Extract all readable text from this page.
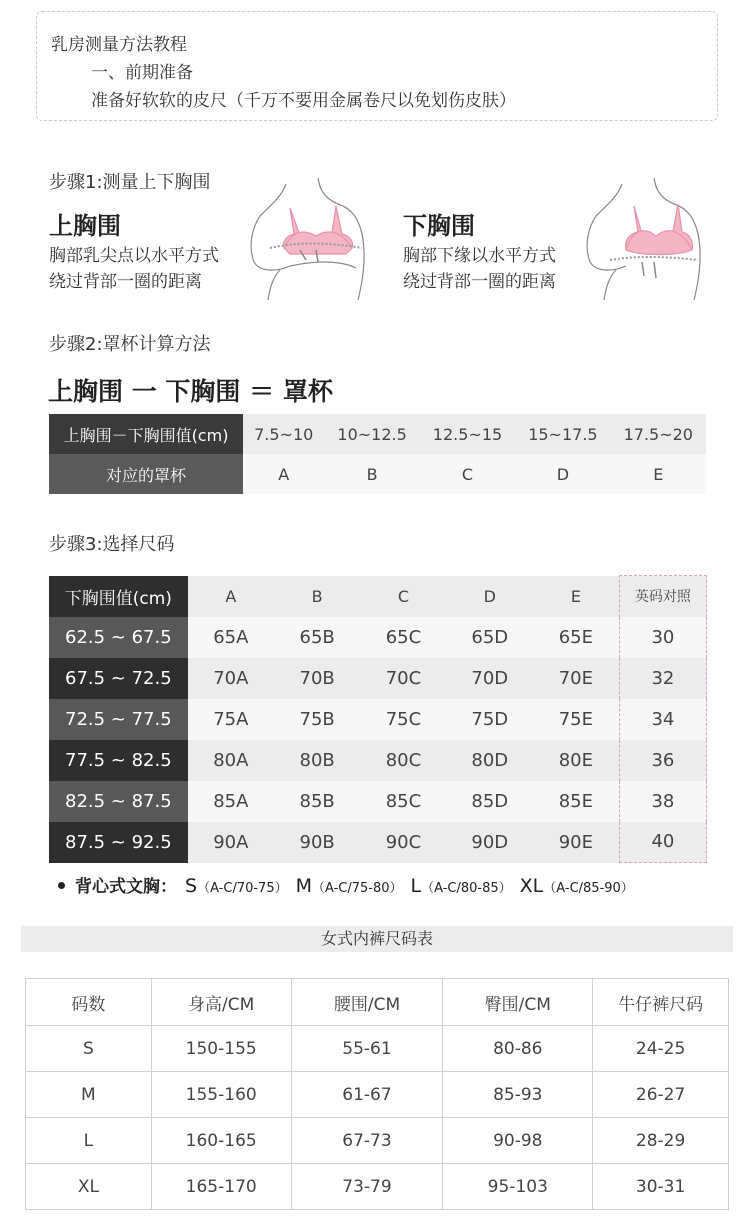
乳房测量方法教程
一、前期准备
准备好软软的皮尺（千万不要用金属卷尺以免划伤皮肤）
步骤1:测量上下胸围
上胸围
胸部乳尖点以水平方式
绕过背部一圈的距离
下胸围
胸部下缘以水平方式
绕过背部一圈的距离
步骤2:罩杯计算方法
上胸围 一 下胸围 ＝ 罩杯
上胸围－下胸围值(cm)	7.5~10	10~12.5	12.5~15	15~17.5	17.5~20
对应的罩杯	A	B	C	D	E
步骤3:选择尺码
下胸围值(cm)	A	B	C	D	E	英码对照
62.5 ~ 67.5	65A	65B	65C	65D	65E	30
67.5 ~ 72.5	70A	70B	70C	70D	70E	32
72.5 ~ 77.5	75A	75B	75C	75D	75E	34
77.5 ~ 82.5	80A	80B	80C	80D	80E	36
82.5 ~ 87.5	85A	85B	85C	85D	85E	38
87.5 ~ 92.5	90A	90B	90C	90D	90E	40
背心式文胸： S（A-C/70-75） M（A-C/75-80） L（A-C/80-85） XL（A-C/85-90）
女式内裤尺码表
码数	身高/CM	腰围/CM	臀围/CM	牛仔裤尺码
S	150-155	55-61	80-86	24-25
M	155-160	61-67	85-93	26-27
L	160-165	67-73	90-98	28-29
XL	165-170	73-79	95-103	30-31
